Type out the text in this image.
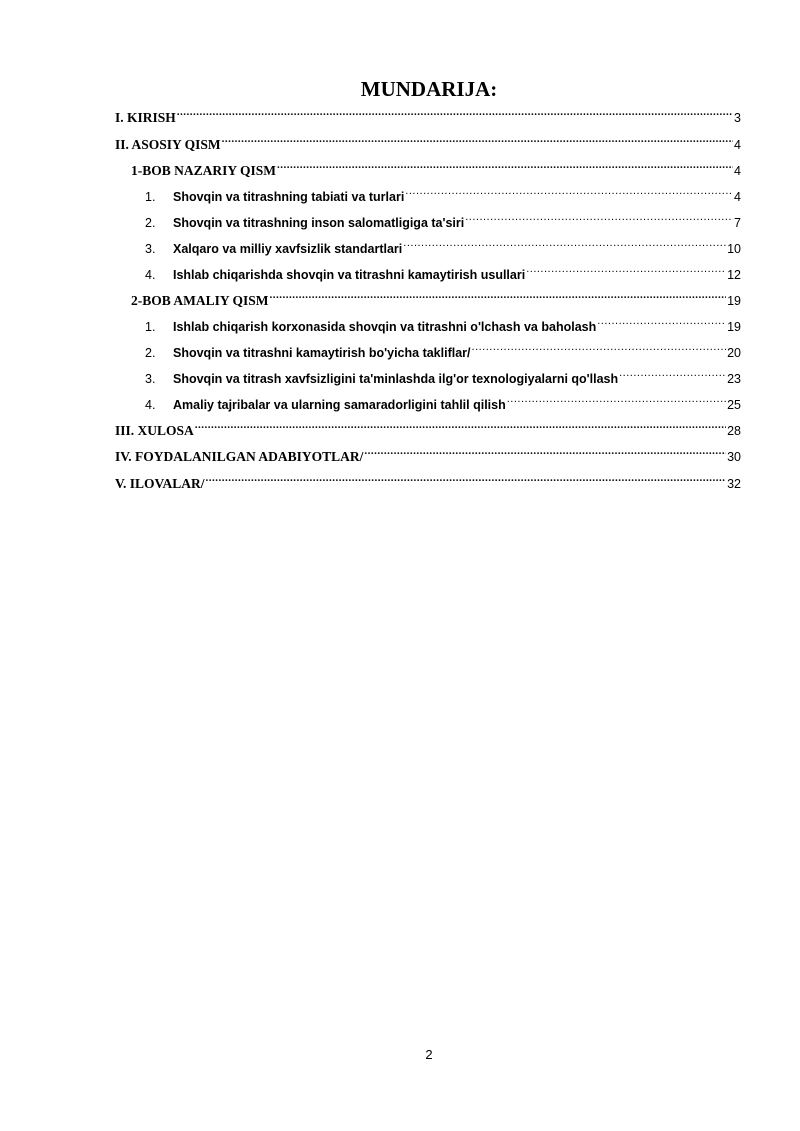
MUNDARIJA:
I. KIRISH .....	3
II. ASOSIY QISM .....	4
1-BOB NAZARIY QISM .....	4
1.	Shovqin va titrashning tabiati va turlari .....	4
2.	Shovqin va titrashning inson salomatligiga ta'siri .....	7
3.	Xalqaro va milliy xavfsizlik standartlari .....	10
4.	Ishlab chiqarishda shovqin va titrashni kamaytirish usullari .....	12
2-BOB AMALIY QISM .....	19
1.	Ishlab chiqarish korxonasida shovqin va titrashni o'lchash va baholash .....	19
2.	Shovqin va titrashni kamaytirish bo'yicha takliflar/ .....	20
3.	Shovqin va titrash xavfsizligini ta'minlashda ilg'or texnologiyalarni qo'llash .....	23
4.	Amaliy tajribalar va ularning samaradorligini tahlil qilish .....	25
III. XULOSA .....	28
IV. FOYDALANILGAN ADABIYOTLAR/ .....	30
V. ILOVALAR/ .....	32
2
